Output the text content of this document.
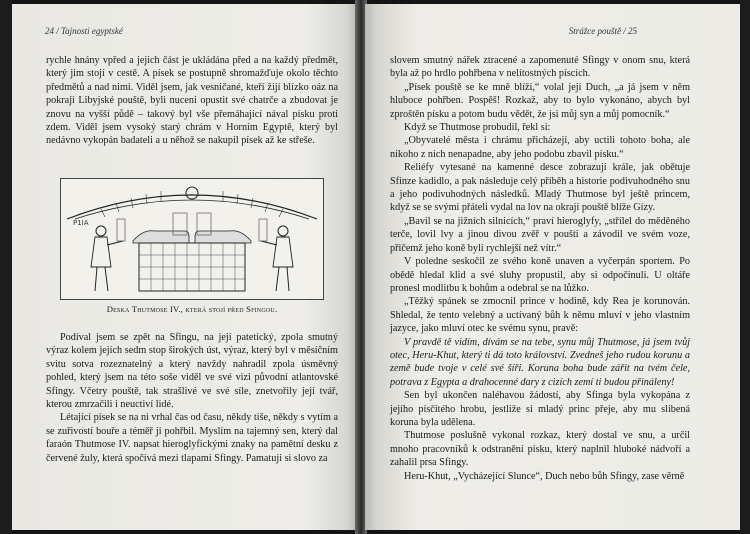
24 / Tajnosti egyptské

rychle hnány vpřed a jejich část je ukládána před a na každý předmět, který jim stojí v cestě. A písek se postupně shromažďuje okolo těchto předmětů a nad nimi. Viděl jsem, jak vesničané, kteří žijí blízko oáz na pokraji Libyjské pouště, byli nuceni opustit své chatrče a zbudovat je znovu na vyšší půdě – takový byl vše přemáhající nával písku proti zdem. Viděl jsem vysoký starý chrám v Horním Egyptě, který byl nedávno vykopán badateli a u něhož se nakupil písek až ke střeše.

Ρ1ΙΑ
Deska Thutmose IV., která stojí před Sfingou.

Podíval jsem se zpět na Sfingu, na její patetický, zpola smutný výraz kolem jejích sedm stop širokých úst, výraz, který byl v měsíčním svitu sotva rozeznatelný a který navždy nahradil zpola úsměvný pohled, který jsem na této soše viděl ve své vizi původní atlantovské Sfingy. Včetry pouště, tak strašlivé ve své síle, znetvořily její tvář, kterou zmrzačili i neuctiví lidé.

Létající písek se na ni vrhal čas od času, někdy tiše, někdy s vytím a se zuřivostí bouře a téměř ji pohřbil. Myslím na tajemný sen, který dal faraón Thutmose IV. napsat hieroglyfickými znaky na pamětní desku z červené žuly, která spočívá mezi tlapami Sfingy. Pamatuji si slovo za

Strážce pouště / 25

slovem smutný nářek ztracené a zapomenuté Sfingy v onom snu, která byla až po hrdlo pohřbena v nelítostných píscích.

„Písek pouště se ke mně blíží,“ volal její Duch, „a já jsem v něm hluboce pohřben. Pospěš! Rozkaž, aby to bylo vykonáno, abych byl zproštěn písku a potom budu vědět, že jsi můj syn a můj pomocník.“

Když se Thutmose probudil, řekl si:

„Obyvatelé města i chrámu přicházejí, aby uctili tohoto boha, ale nikoho z nich nenapadne, aby jeho podobu zbavil písku.“

Reliéfy vytesané na kamenné desce zobrazují krále, jak obětuje Sfinze kadidlo, a pak následuje celý příběh a historie podivuhodného snu a jeho podivuhodných následků. Mladý Thutmose byl ještě princem, když se se svými přáteli vydal na lov na okraji pouště blíže Gízy.

„Bavil se na jižních silnicích,“ praví hieroglyfy, „střílel do měděného terče, lovil lvy a jinou divou zvěř v poušti a závodil ve svém voze, přičemž jeho koně byli rychlejší než vítr.“

V poledne seskočil ze svého koně unaven a vyčerpán sportem. Po obědě hledal klid a své sluhy propustil, aby si odpočinuli. U oltáře pronesl modlitbu k bohům a odebral se na lůžko.

„Těžký spánek se zmocnil prince v hodině, kdy Rea je korunován. Shledal, že tento velebný a uctívaný bůh k němu mluví v jeho vlastním jazyce, jako mluví otec ke svému synu, pravě:

V pravdě tě vidím, dívám se na tebe, synu můj Thutmose, já jsem tvůj otec, Heru-Khut, který ti dá toto království. Zvedneš jeho rudou korunu a země bude tvoje v celé své šíři. Koruna boha bude zářit na tvém čele, potrava z Egypta a drahocenné dary z cizích zemí ti budou přináleny!

Sen byl ukončen naléhavou žádostí, aby Sfinga byla vykopána z jejího písčitého hrobu, jestliže si mladý princ přeje, aby mu slibená koruna byla udělena.

Thutmose poslušně vykonal rozkaz, který dostal ve snu, a určil mnoho pracovníků k odstranění písku, který naplnil hluboké nádvoří a zahalil prsa Sfingy.

Heru-Khut, „Vycházející Slunce“, Duch nebo bůh Sfingy, zase věrně
